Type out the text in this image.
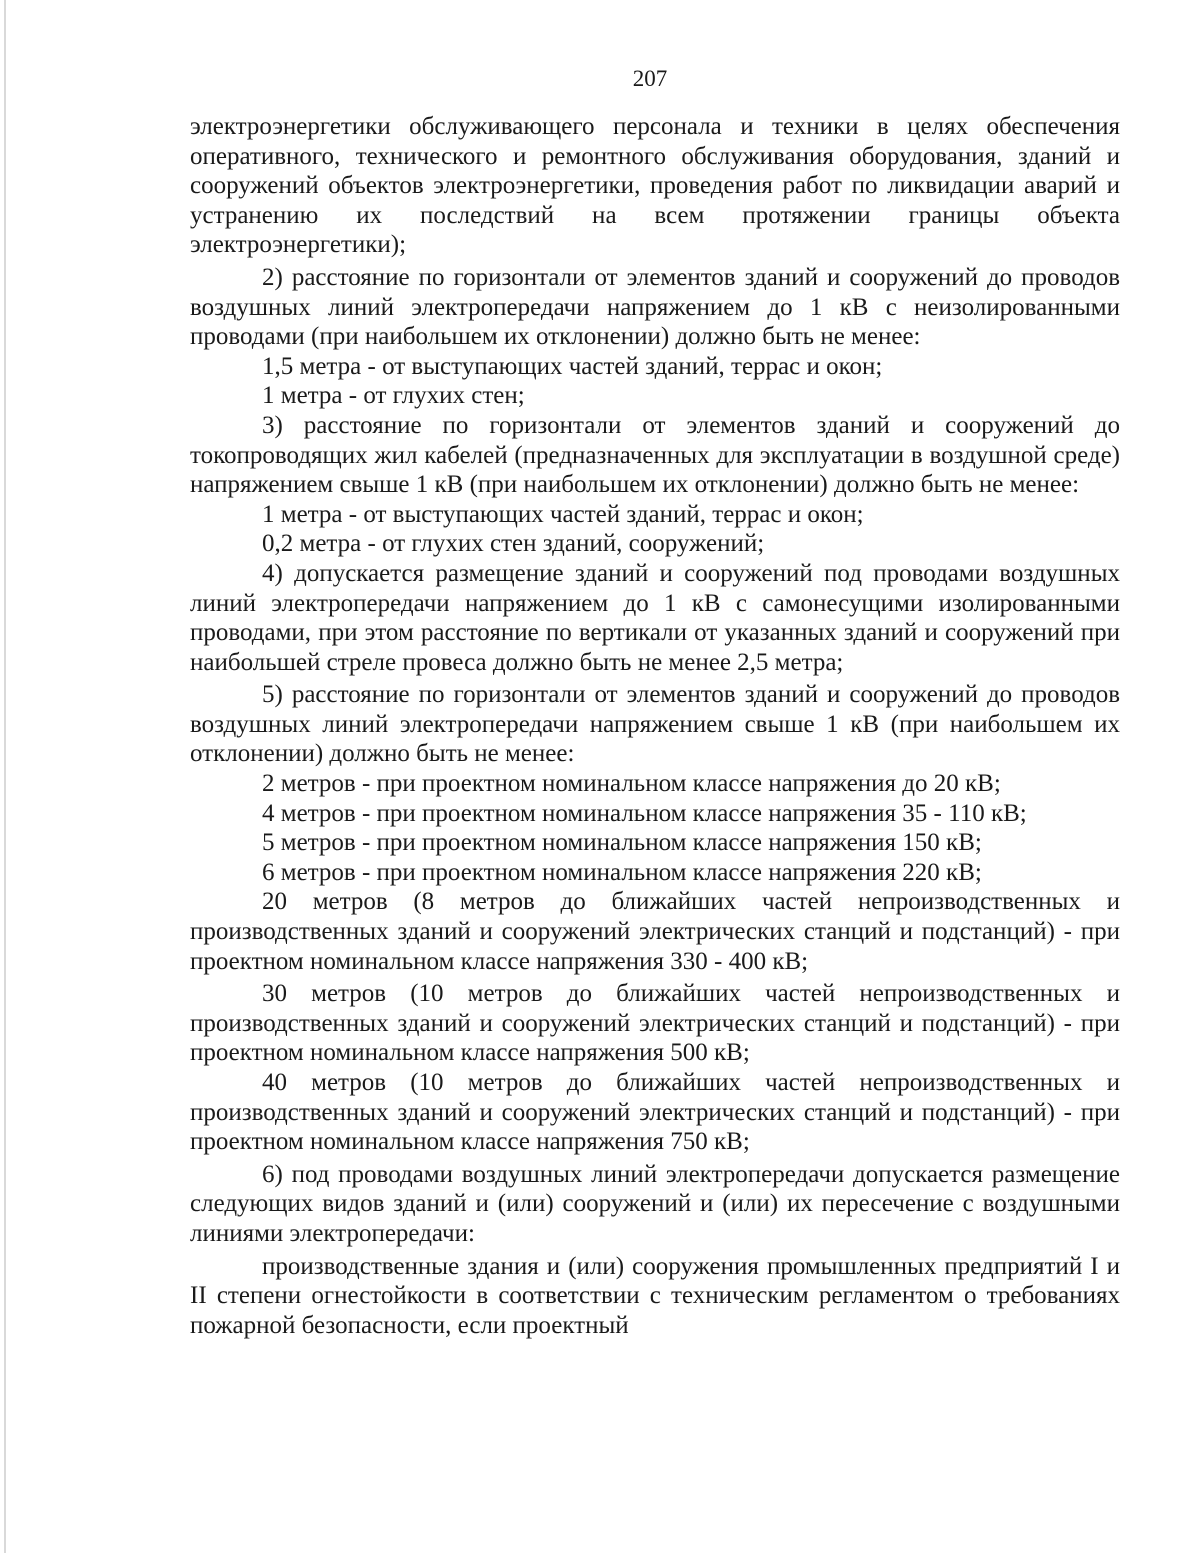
207

электроэнергетики обслуживающего персонала и техники в целях обеспечения оперативного, технического и ремонтного обслуживания оборудования, зданий и сооружений объектов электроэнергетики, проведения работ по ликвидации аварий и устранению их последствий на всем протяжении границы объекта электроэнергетики);

2) расстояние по горизонтали от элементов зданий и сооружений до проводов воздушных линий электропередачи напряжением до 1 кВ с неизолированными проводами (при наибольшем их отклонении) должно быть не менее:

1,5 метра - от выступающих частей зданий, террас и окон;

1 метра - от глухих стен;

3) расстояние по горизонтали от элементов зданий и сооружений до токопроводящих жил кабелей (предназначенных для эксплуатации в воздушной среде) напряжением свыше 1 кВ (при наибольшем их отклонении) должно быть не менее:

1 метра - от выступающих частей зданий, террас и окон;

0,2 метра - от глухих стен зданий, сооружений;

4) допускается размещение зданий и сооружений под проводами воздушных линий электропередачи напряжением до 1 кВ с самонесущими изолированными проводами, при этом расстояние по вертикали от указанных зданий и сооружений при наибольшей стреле провеса должно быть не менее 2,5 метра;

5) расстояние по горизонтали от элементов зданий и сооружений до проводов воздушных линий электропередачи напряжением свыше 1 кВ (при наибольшем их отклонении) должно быть не менее:

2 метров - при проектном номинальном классе напряжения до 20 кВ;

4 метров - при проектном номинальном классе напряжения 35 - 110 кВ;

5 метров - при проектном номинальном классе напряжения 150 кВ;

6 метров - при проектном номинальном классе напряжения 220 кВ;

20 метров (8 метров до ближайших частей непроизводственных и производственных зданий и сооружений электрических станций и подстанций) - при проектном номинальном классе напряжения 330 - 400 кВ;

30 метров (10 метров до ближайших частей непроизводственных и производственных зданий и сооружений электрических станций и подстанций) - при проектном номинальном классе напряжения 500 кВ;

40 метров (10 метров до ближайших частей непроизводственных и производственных зданий и сооружений электрических станций и подстанций) - при проектном номинальном классе напряжения 750 кВ;

6) под проводами воздушных линий электропередачи допускается размещение следующих видов зданий и (или) сооружений и (или) их пересечение с воздушными линиями электропередачи:

производственные здания и (или) сооружения промышленных предприятий I и II степени огнестойкости в соответствии с техническим регламентом о требованиях пожарной безопасности, если проектный
